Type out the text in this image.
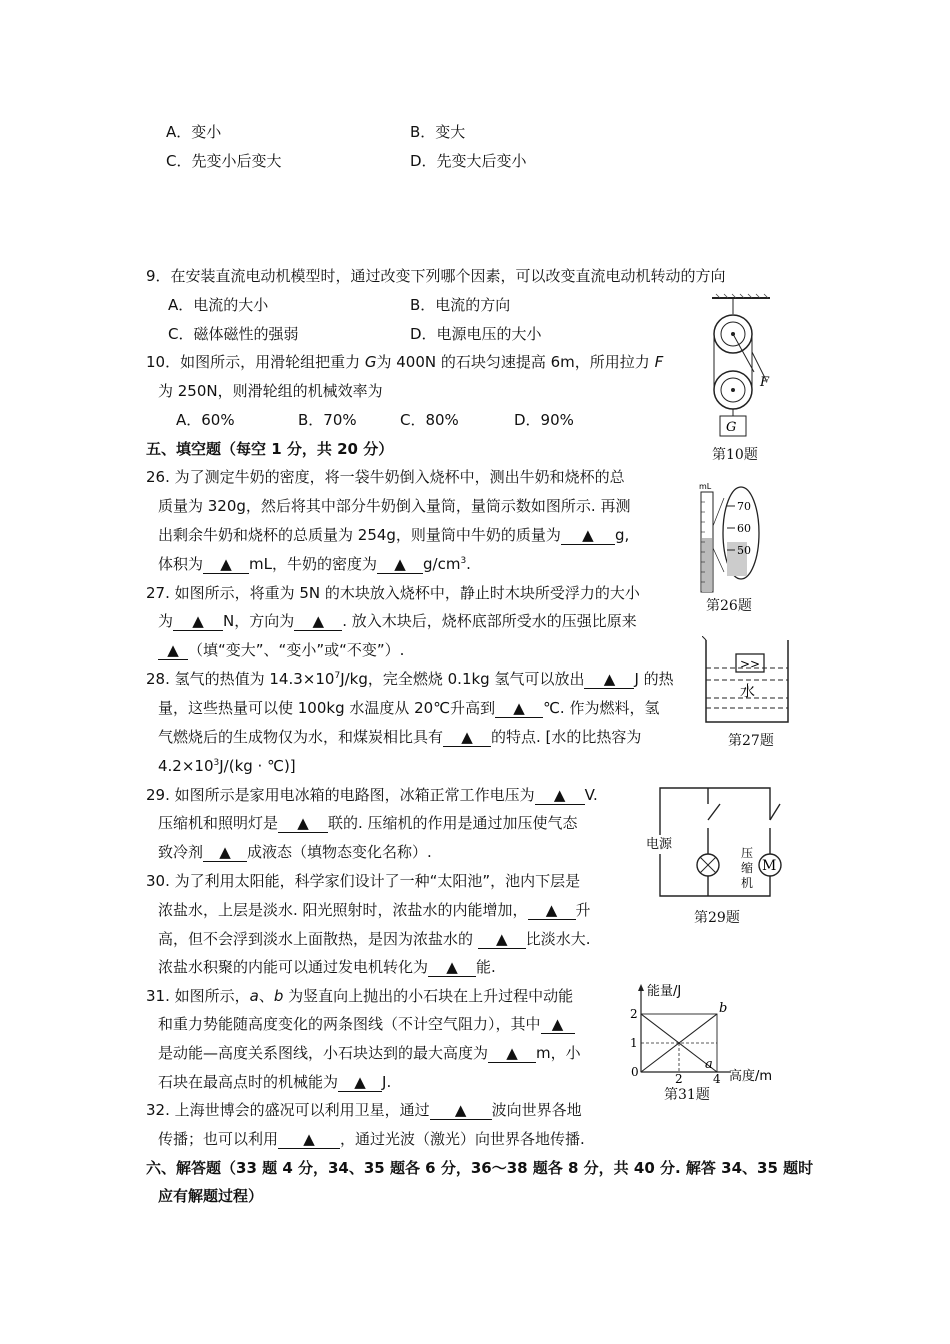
A．变小	B．变大
C．先变小后变大	D．先变大后变小
9．在安装直流电动机模型时，通过改变下列哪个因素，可以改变直流电动机转动的方向
A．电流的大小	B．电流的方向
C．磁体磁性的强弱	D．电源电压的大小
10．如图所示，用滑轮组把重力 G为 400N 的石块匀速提高 6m，所用拉力 F
为 250N，则滑轮组的机械效率为
A．60%	B．70%	C．80%	D．90%
五、填空题（每空 1 分，共 20 分）
26. 为了测定牛奶的密度，将一袋牛奶倒入烧杯中，测出牛奶和烧杯的总
质量为 320g，然后将其中部分牛奶倒入量筒，量筒示数如图所示. 再测
出剩余牛奶和烧杯的总质量为 254g，则量筒中牛奶的质量为 ▲ g,
体积为 ▲ mL，牛奶的密度为 ▲ $g/cm^3$.
27. 如图所示，将重为 5N 的木块放入烧杯中，静止时木块所受浮力的大小
为 ▲ N，方向为 ▲ . 放入木块后，烧杯底部所受水的压强比原来
▲ （填“变大”、“变小”或“不变”）.
28. 氢气的热值为 $14.3\times 10^7J/kg$，完全燃烧 0.1kg 氢气可以放出 ▲ J 的热
量，这些热量可以使 100kg 水温度从 20℃升高到 ▲ ℃. 作为燃料，氢
气燃烧后的生成物仅为水，和煤炭相比具有 ▲ 的特点. [水的比热容为
$4.2\times 10^3J/(kg$ · ℃)]
29. 如图所示是家用电冰箱的电路图，冰箱正常工作电压为 ▲ V.
压缩机和照明灯是 ▲ 联的. 压缩机的作用是通过加压使气态
致冷剂 ▲ 成液态（填物态变化名称）.
30. 为了利用太阳能，科学家们设计了一种“太阳池”，池内下层是
浓盐水，上层是淡水. 阳光照射时，浓盐水的内能增加， ▲ 升
高，但不会浮到淡水上面散热，是因为浓盐水的 ▲ 比淡水大.
浓盐水积聚的内能可以通过发电机转化为 ▲ 能.
31. 如图所示，a、b 为竖直向上抛出的小石块在上升过程中动能
和重力势能随高度变化的两条图线（不计空气阻力），其中 ▲
是动能—高度关系图线，小石块达到的最大高度为 ▲ m，小
石块在最高点时的机械能为 ▲ J.
32. 上海世博会的盛况可以利用卫星，通过 ▲ 波向世界各地
传播；也可以利用 ▲ ，通过光波（激光）向世界各地传播.
六、解答题（33 题 4 分，34、35 题各 6 分，36～38 题各 8 分，共 40 分. 解答 34、35 题时
应有解题过程）
G
F
第10题
mL
70
60
50
第26题
>>
水
第27题
M
电源
压
缩
机
第29题
能量/J
高度/m
2
1
0	2	4
b
a
第31题
